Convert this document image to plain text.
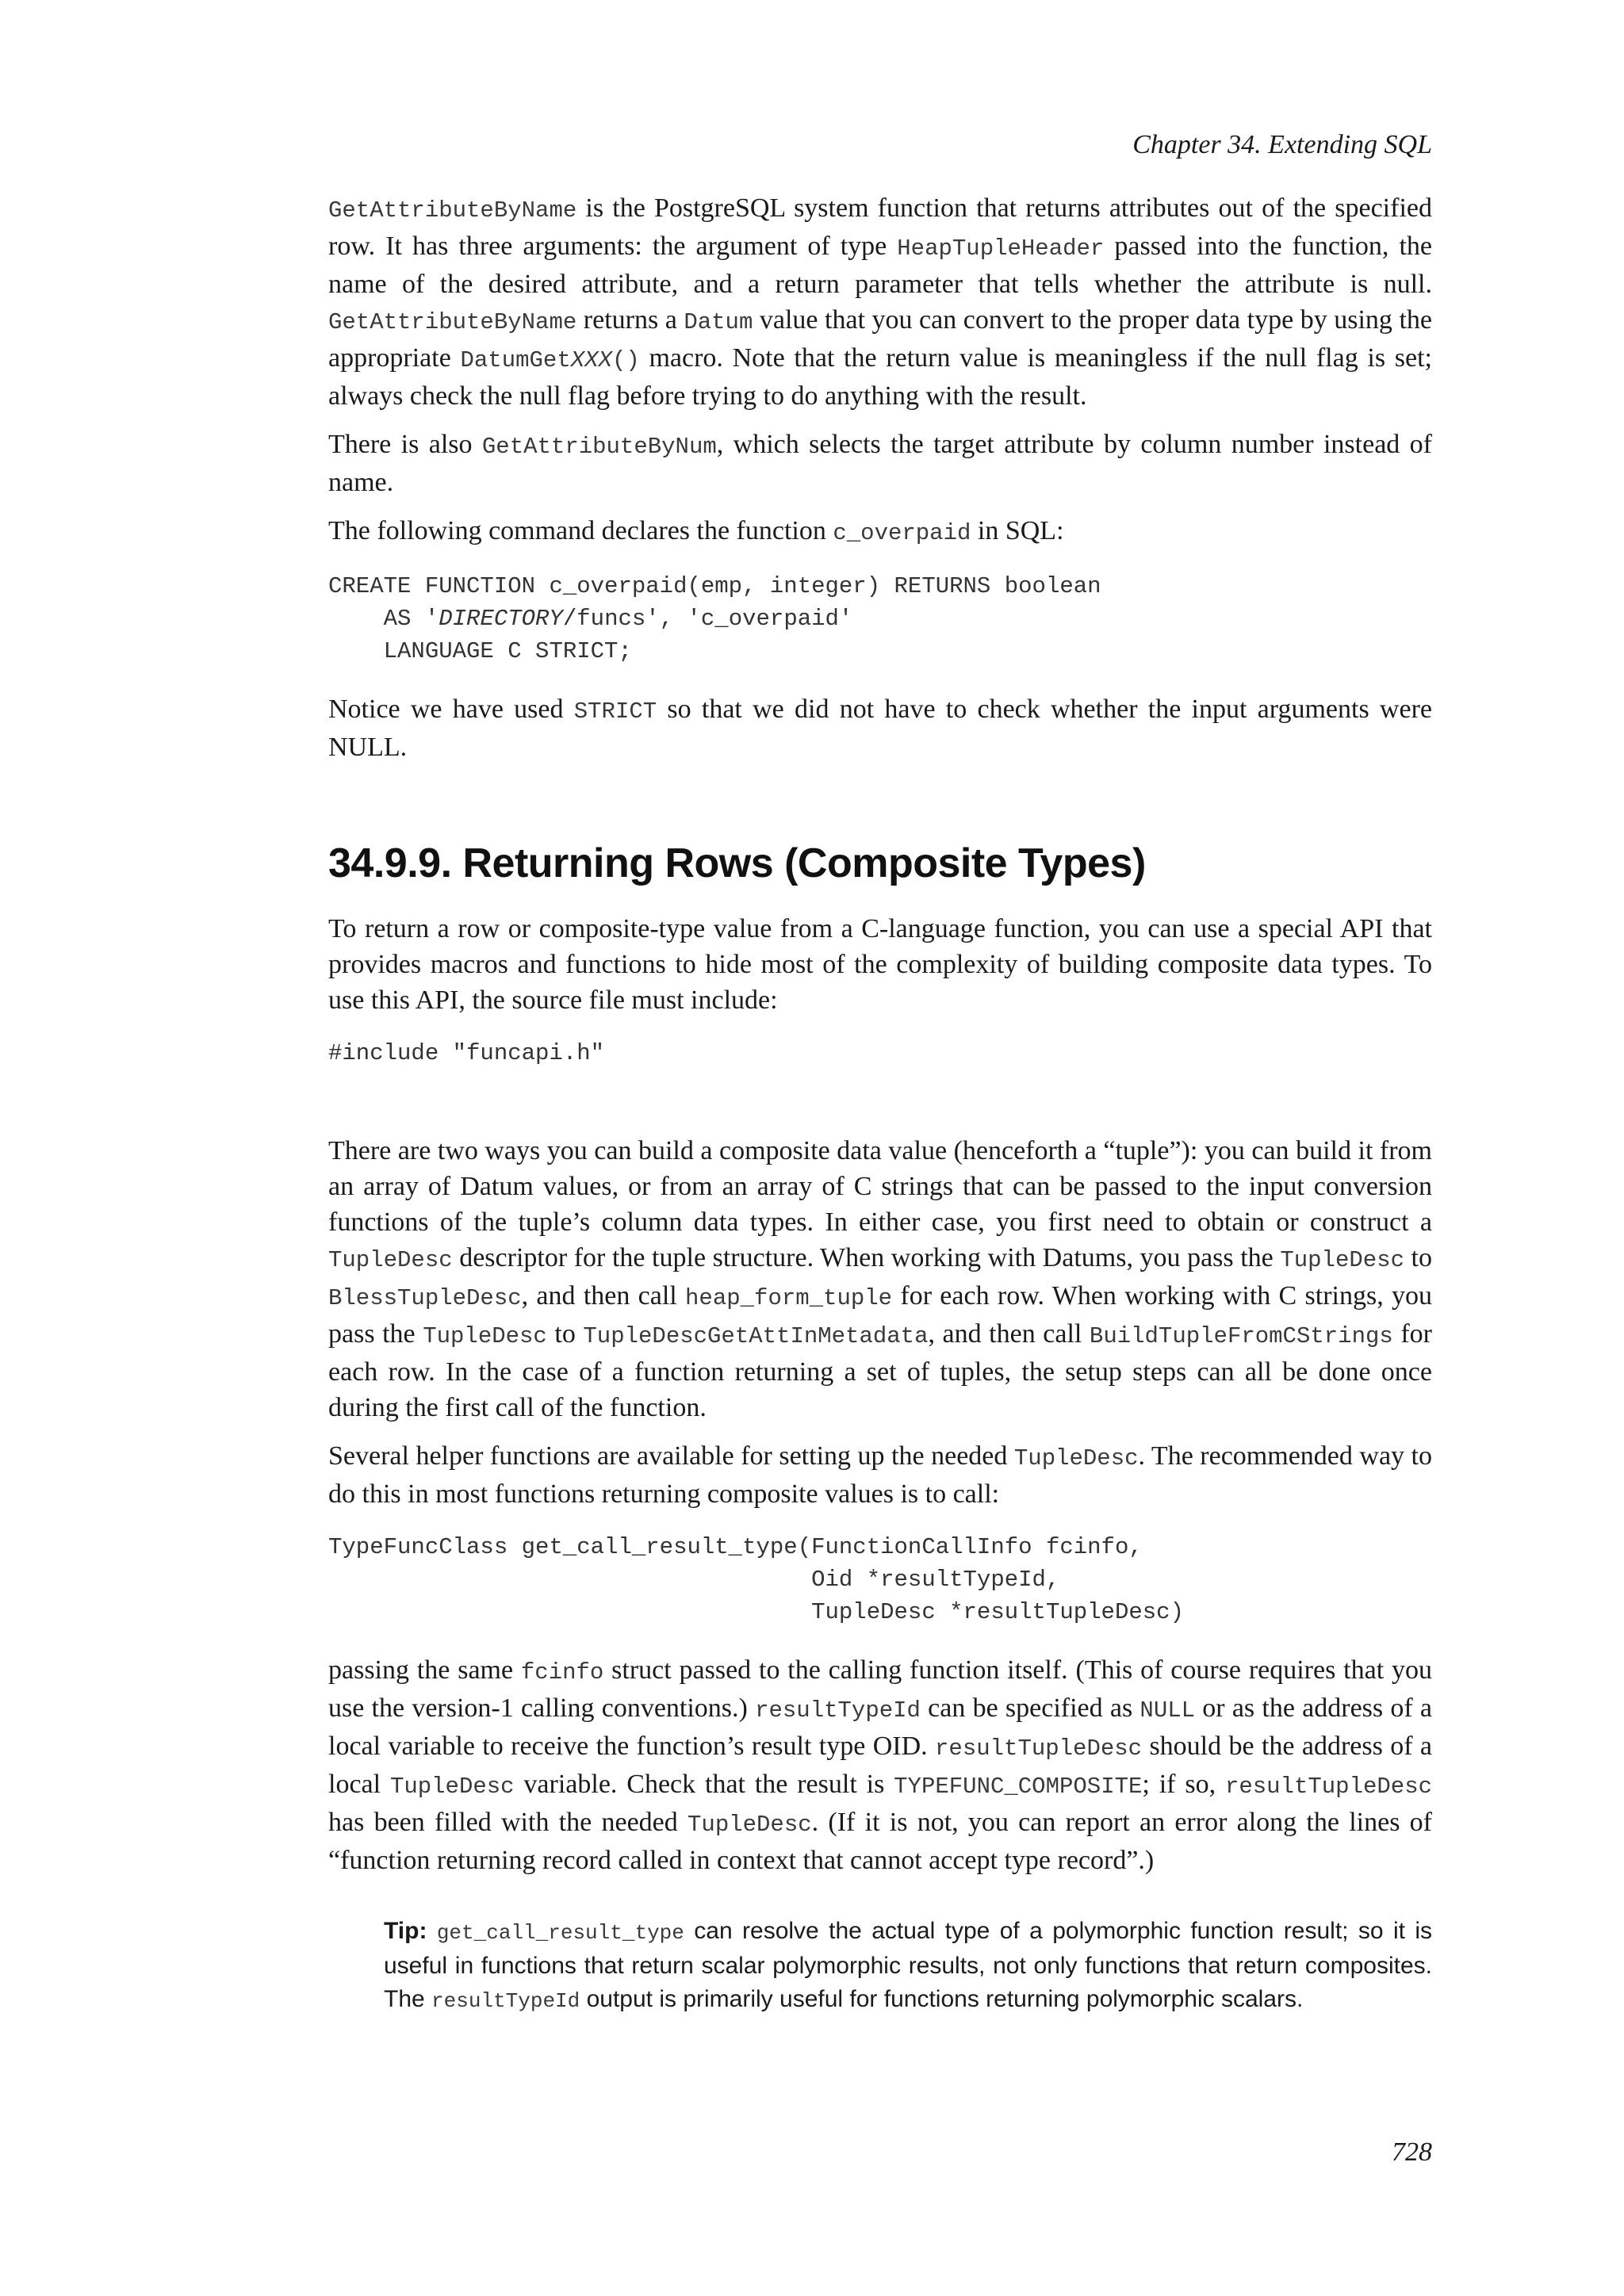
Chapter 34. Extending SQL

GetAttributeByName is the PostgreSQL system function that returns attributes out of the specified row. It has three arguments: the argument of type HeapTupleHeader passed into the function, the name of the desired attribute, and a return parameter that tells whether the attribute is null. GetAttributeByName returns a Datum value that you can convert to the proper data type by using the appropriate DatumGetXXX() macro. Note that the return value is meaningless if the null flag is set; always check the null flag before trying to do anything with the result.

There is also GetAttributeByNum, which selects the target attribute by column number instead of name.

The following command declares the function c_overpaid in SQL:

CREATE FUNCTION c_overpaid(emp, integer) RETURNS boolean
AS 'DIRECTORY/funcs', 'c_overpaid'
LANGUAGE C STRICT;

Notice we have used STRICT so that we did not have to check whether the input arguments were NULL.

34.9.9. Returning Rows (Composite Types)

To return a row or composite-type value from a C-language function, you can use a special API that provides macros and functions to hide most of the complexity of building composite data types. To use this API, the source file must include:

#include "funcapi.h"

There are two ways you can build a composite data value (henceforth a “tuple”): you can build it from an array of Datum values, or from an array of C strings that can be passed to the input conversion functions of the tuple’s column data types. In either case, you first need to obtain or construct a TupleDesc descriptor for the tuple structure. When working with Datums, you pass the TupleDesc to BlessTupleDesc, and then call heap_form_tuple for each row. When working with C strings, you pass the TupleDesc to TupleDescGetAttInMetadata, and then call BuildTupleFromCStrings for each row. In the case of a function returning a set of tuples, the setup steps can all be done once during the first call of the function.

Several helper functions are available for setting up the needed TupleDesc. The recommended way to do this in most functions returning composite values is to call:

TypeFuncClass get_call_result_type(FunctionCallInfo fcinfo,
Oid *resultTypeId,
TupleDesc *resultTupleDesc)

passing the same fcinfo struct passed to the calling function itself. (This of course requires that you use the version-1 calling conventions.) resultTypeId can be specified as NULL or as the address of a local variable to receive the function’s result type OID. resultTupleDesc should be the address of a local TupleDesc variable. Check that the result is TYPEFUNC_COMPOSITE; if so, resultTupleDesc has been filled with the needed TupleDesc. (If it is not, you can report an error along the lines of “function returning record called in context that cannot accept type record”.)

Tip: get_call_result_type can resolve the actual type of a polymorphic function result; so it is useful in functions that return scalar polymorphic results, not only functions that return composites. The resultTypeId output is primarily useful for functions returning polymorphic scalars.
728
